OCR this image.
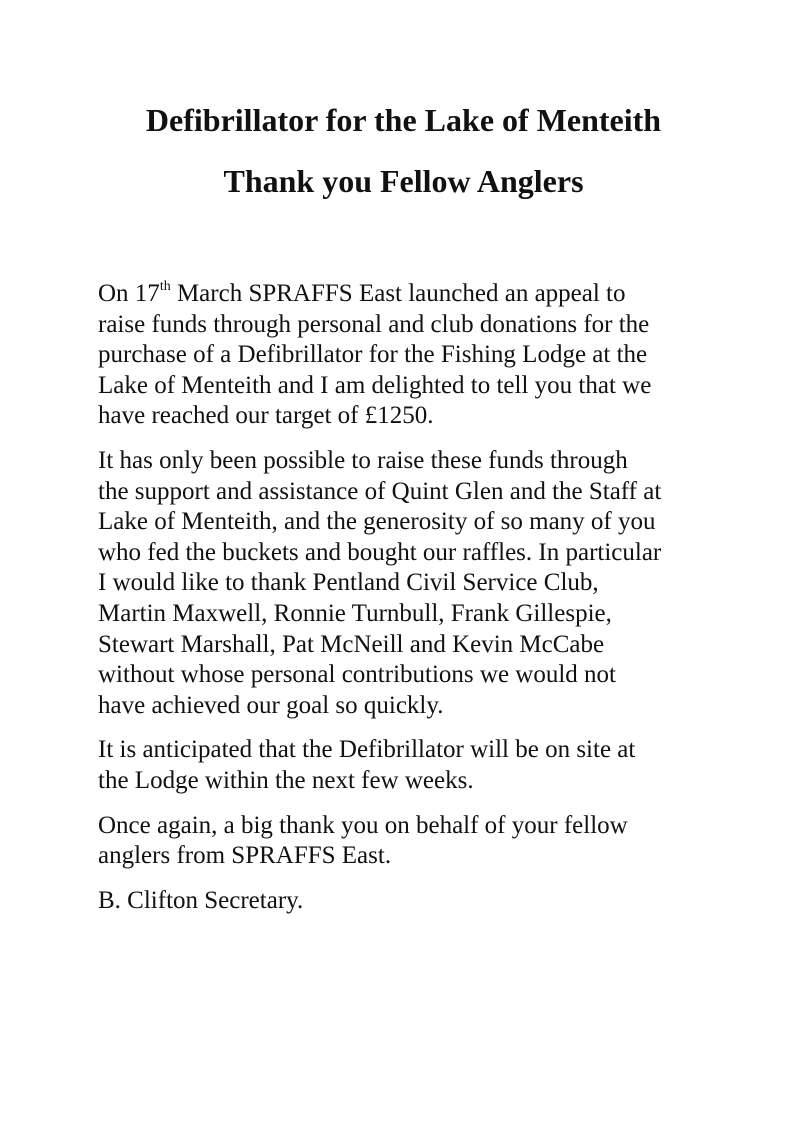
Defibrillator for the Lake of Menteith
Thank you Fellow Anglers

On 17th March SPRAFFS East launched an appeal to
raise funds through personal and club donations for the
purchase of a Defibrillator for the Fishing Lodge at the
Lake of Menteith and I am delighted to tell you that we
have reached our target of £1250.

It has only been possible to raise these funds through
the support and assistance of Quint Glen and the Staff at
Lake of Menteith, and the generosity of so many of you
who fed the buckets and bought our raffles. In particular
I would like to thank Pentland Civil Service Club,
Martin Maxwell, Ronnie Turnbull, Frank Gillespie,
Stewart Marshall, Pat McNeill and Kevin McCabe
without whose personal contributions we would not
have achieved our goal so quickly.

It is anticipated that the Defibrillator will be on site at
the Lodge within the next few weeks.

Once again, a big thank you on behalf of your fellow
anglers from SPRAFFS East.

B. Clifton Secretary.
